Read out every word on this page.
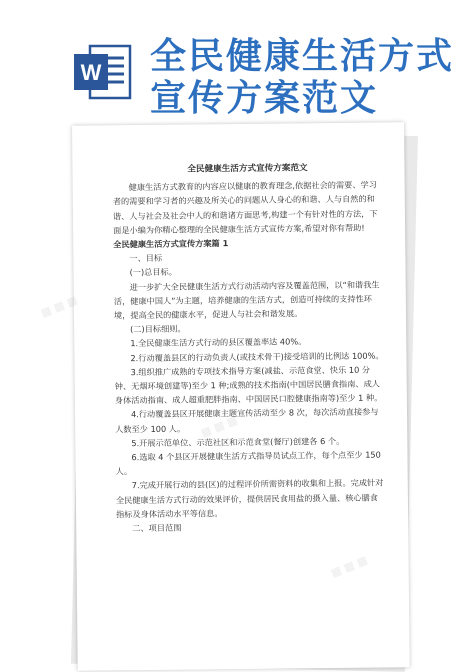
W 全民健康生活方式
宣传方案范文
全民健康生活方式宣传方案范文

健康生活方式教育的内容应以健康的教育理念,依据社会的需要、学习者的需要和学习者的兴趣及所关心的问题从人身心的和谐、人与自然的和谐、人与社会及社会中人的和谐诸方面思考,构建一个有针对性的方法，下面是小编为你精心整理的全民健康生活方式宣传方案,希望对你有帮助!

全民健康生活方式宣传方案篇 1

一、目标

(一)总目标。

进一步扩大全民健康生活方式行动活动内容及覆盖范围，以“和谐我生活，健康中国人”为主题，培养健康的生活方式，创造可持续的支持性环境，提高全民的健康水平，促进人与社会和谐发展。

(二)目标细则。

1.全民健康生活方式行动的县区覆盖率达 40%。

2.行动覆盖县区的行动负责人(或技术骨干)接受培训的比例达 100%。

3.组织推广成熟的专项技术指导方案(减盐、示范食堂、快乐 10 分钟、无烟环境创建等)至少 1 种;成熟的技术指南(中国居民膳食指南、成人身体活动指南、成人超重肥胖指南、中国居民口腔健康指南等)至少 1 种。

4.行动覆盖县区开展健康主题宣传活动至少 8 次，每次活动直接参与人数至少 100 人。

5.开展示范单位、示范社区和示范食堂(餐厅)创建各 6 个。

6.选取 4 个县区开展健康生活方式指导员试点工作，每个点至少 150 人。

7.完成开展行动的县(区)的过程评价所需资料的收集和上报。完成针对全民健康生活方式行动的效果评价，提供居民食用盐的摄入量、核心膳食指标及身体活动水平等信息。

二、项目范围

▦ ▦ ▦
